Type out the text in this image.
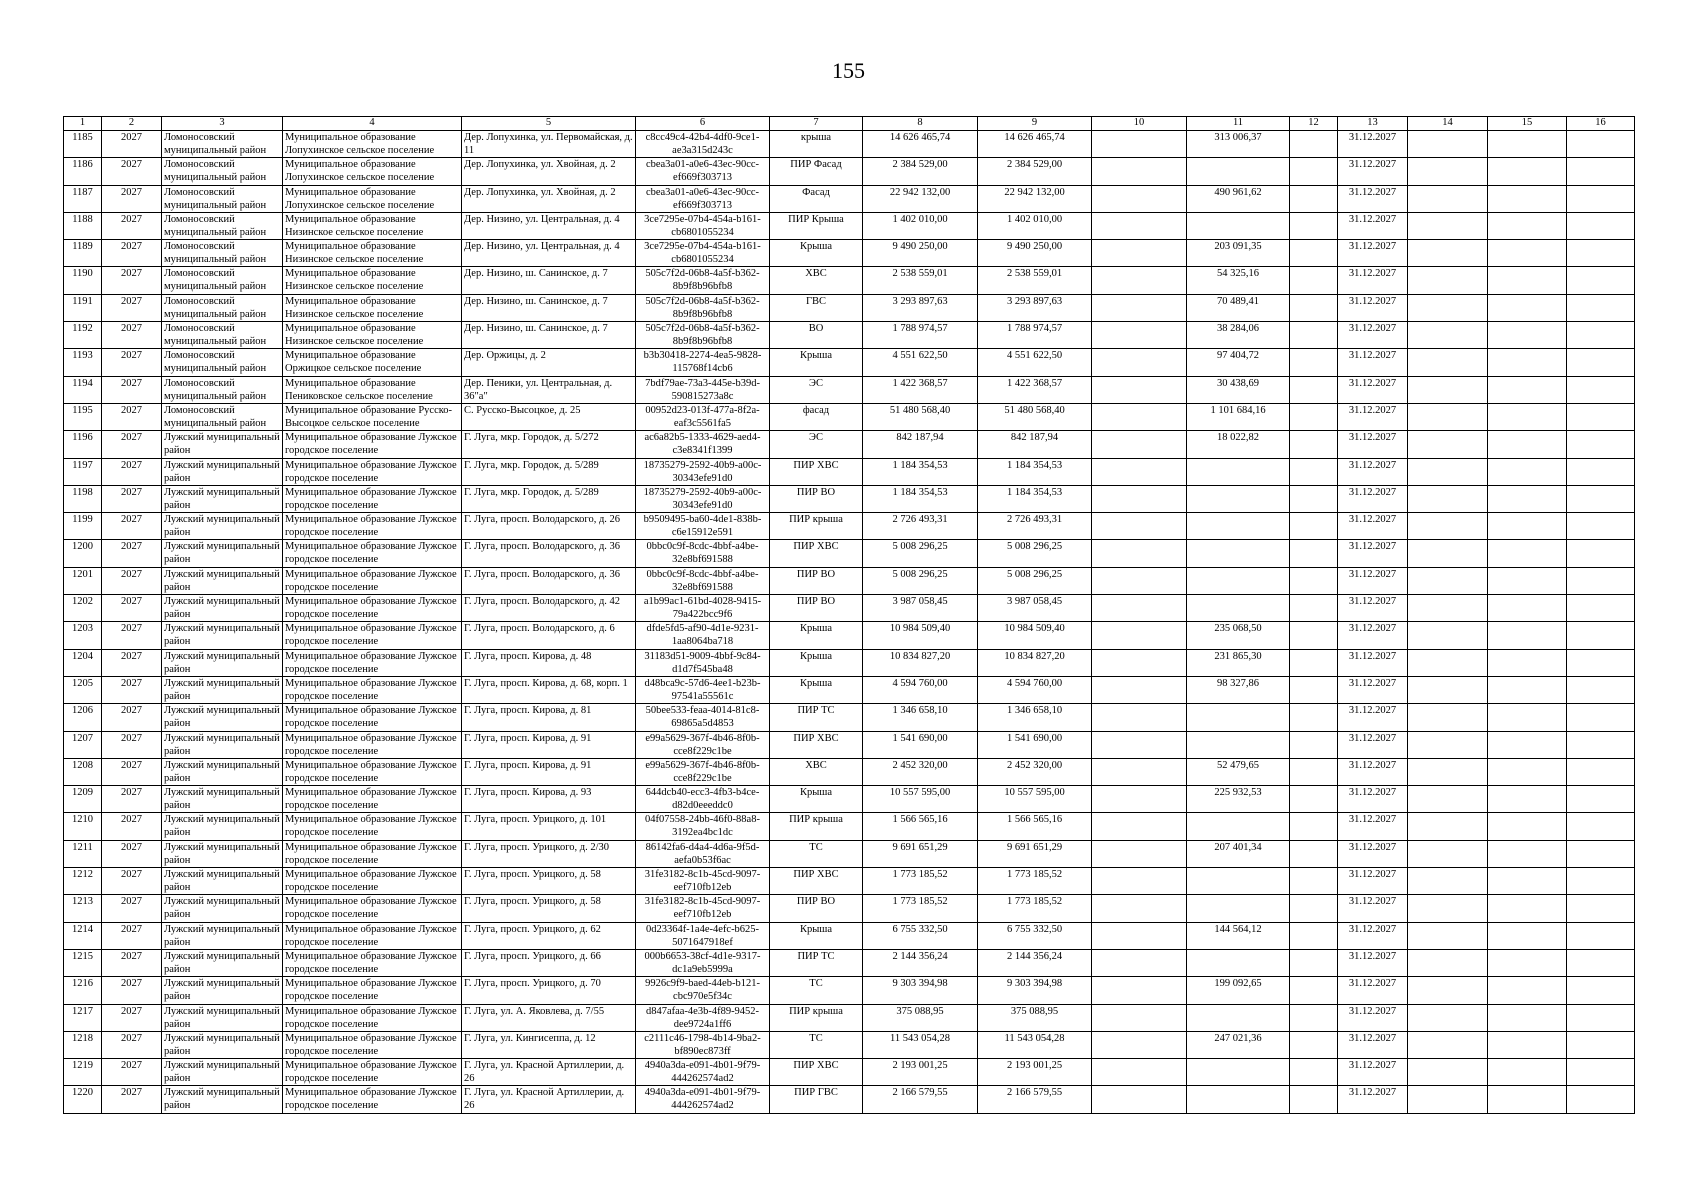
155
1	2	3	4	5	6	7	8	9	10	11	12	13	14	15	16
1185	2027	Ломоносовский муниципальный район	Муниципальное образование Лопухинское сельское поселение	Дер. Лопухинка, ул. Первомайская, д. 11	c8cc49c4-42b4-4df0-9ce1-ae3a315d243c	крыша	14 626 465,74	14 626 465,74		313 006,37		31.12.2027			
1186	2027	Ломоносовский муниципальный район	Муниципальное образование Лопухинское сельское поселение	Дер. Лопухинка, ул. Хвойная, д. 2	cbea3a01-a0e6-43ec-90cc-ef669f303713	ПИР Фасад	2 384 529,00	2 384 529,00				31.12.2027			
1187	2027	Ломоносовский муниципальный район	Муниципальное образование Лопухинское сельское поселение	Дер. Лопухинка, ул. Хвойная, д. 2	cbea3a01-a0e6-43ec-90cc-ef669f303713	Фасад	22 942 132,00	22 942 132,00		490 961,62		31.12.2027			
1188	2027	Ломоносовский муниципальный район	Муниципальное образование Низинское сельское поселение	Дер. Низино, ул. Центральная, д. 4	3ce7295e-07b4-454a-b161-cb6801055234	ПИР Крыша	1 402 010,00	1 402 010,00				31.12.2027			
1189	2027	Ломоносовский муниципальный район	Муниципальное образование Низинское сельское поселение	Дер. Низино, ул. Центральная, д. 4	3ce7295e-07b4-454a-b161-cb6801055234	Крыша	9 490 250,00	9 490 250,00		203 091,35		31.12.2027			
1190	2027	Ломоносовский муниципальный район	Муниципальное образование Низинское сельское поселение	Дер. Низино, ш. Санинское, д. 7	505c7f2d-06b8-4a5f-b362-8b9f8b96bfb8	ХВС	2 538 559,01	2 538 559,01		54 325,16		31.12.2027			
1191	2027	Ломоносовский муниципальный район	Муниципальное образование Низинское сельское поселение	Дер. Низино, ш. Санинское, д. 7	505c7f2d-06b8-4a5f-b362-8b9f8b96bfb8	ГВС	3 293 897,63	3 293 897,63		70 489,41		31.12.2027			
1192	2027	Ломоносовский муниципальный район	Муниципальное образование Низинское сельское поселение	Дер. Низино, ш. Санинское, д. 7	505c7f2d-06b8-4a5f-b362-8b9f8b96bfb8	ВО	1 788 974,57	1 788 974,57		38 284,06		31.12.2027			
1193	2027	Ломоносовский муниципальный район	Муниципальное образование Оржицкое сельское поселение	Дер. Оржицы, д. 2	b3b30418-2274-4ea5-9828-115768f14cb6	Крыша	4 551 622,50	4 551 622,50		97 404,72		31.12.2027			
1194	2027	Ломоносовский муниципальный район	Муниципальное образование Пениковское сельское поселение	Дер. Пеники, ул. Центральная, д. 36"а"	7bdf79ae-73a3-445e-b39d-590815273a8c	ЭС	1 422 368,57	1 422 368,57		30 438,69		31.12.2027			
1195	2027	Ломоносовский муниципальный район	Муниципальное образование Русско-Высоцкое сельское поселение	С. Русско-Высоцкое, д. 25	00952d23-013f-477a-8f2a-eaf3c5561fa5	фасад	51 480 568,40	51 480 568,40		1 101 684,16		31.12.2027			
1196	2027	Лужский муниципальный район	Муниципальное образование Лужское городское поселение	Г. Луга, мкр. Городок, д. 5/272	ac6a82b5-1333-4629-aed4-c3e8341f1399	ЭС	842 187,94	842 187,94		18 022,82		31.12.2027			
1197	2027	Лужский муниципальный район	Муниципальное образование Лужское городское поселение	Г. Луга, мкр. Городок, д. 5/289	18735279-2592-40b9-a00c-30343efe91d0	ПИР ХВС	1 184 354,53	1 184 354,53				31.12.2027			
1198	2027	Лужский муниципальный район	Муниципальное образование Лужское городское поселение	Г. Луга, мкр. Городок, д. 5/289	18735279-2592-40b9-a00c-30343efe91d0	ПИР ВО	1 184 354,53	1 184 354,53				31.12.2027			
1199	2027	Лужский муниципальный район	Муниципальное образование Лужское городское поселение	Г. Луга, просп. Володарского, д. 26	b9509495-ba60-4de1-838b-c6e15912e591	ПИР крыша	2 726 493,31	2 726 493,31				31.12.2027			
1200	2027	Лужский муниципальный район	Муниципальное образование Лужское городское поселение	Г. Луга, просп. Володарского, д. 36	0bbc0c9f-8cdc-4bbf-a4be-32e8bf691588	ПИР ХВС	5 008 296,25	5 008 296,25				31.12.2027			
1201	2027	Лужский муниципальный район	Муниципальное образование Лужское городское поселение	Г. Луга, просп. Володарского, д. 36	0bbc0c9f-8cdc-4bbf-a4be-32e8bf691588	ПИР ВО	5 008 296,25	5 008 296,25				31.12.2027			
1202	2027	Лужский муниципальный район	Муниципальное образование Лужское городское поселение	Г. Луга, просп. Володарского, д. 42	a1b99ac1-61bd-4028-9415-79a422bcc9f6	ПИР ВО	3 987 058,45	3 987 058,45				31.12.2027			
1203	2027	Лужский муниципальный район	Муниципальное образование Лужское городское поселение	Г. Луга, просп. Володарского, д. 6	dfde5fd5-af90-4d1e-9231-1aa8064ba718	Крыша	10 984 509,40	10 984 509,40		235 068,50		31.12.2027			
1204	2027	Лужский муниципальный район	Муниципальное образование Лужское городское поселение	Г. Луга, просп. Кирова, д. 48	31183d51-9009-4bbf-9c84-d1d7f545ba48	Крыша	10 834 827,20	10 834 827,20		231 865,30		31.12.2027			
1205	2027	Лужский муниципальный район	Муниципальное образование Лужское городское поселение	Г. Луга, просп. Кирова, д. 68, корп. 1	d48bca9c-57d6-4ee1-b23b-97541a55561c	Крыша	4 594 760,00	4 594 760,00		98 327,86		31.12.2027			
1206	2027	Лужский муниципальный район	Муниципальное образование Лужское городское поселение	Г. Луга, просп. Кирова, д. 81	50bee533-feaa-4014-81c8-69865a5d4853	ПИР ТС	1 346 658,10	1 346 658,10				31.12.2027			
1207	2027	Лужский муниципальный район	Муниципальное образование Лужское городское поселение	Г. Луга, просп. Кирова, д. 91	e99a5629-367f-4b46-8f0b-cce8f229c1be	ПИР ХВС	1 541 690,00	1 541 690,00				31.12.2027			
1208	2027	Лужский муниципальный район	Муниципальное образование Лужское городское поселение	Г. Луга, просп. Кирова, д. 91	e99a5629-367f-4b46-8f0b-cce8f229c1be	ХВС	2 452 320,00	2 452 320,00		52 479,65		31.12.2027			
1209	2027	Лужский муниципальный район	Муниципальное образование Лужское городское поселение	Г. Луга, просп. Кирова, д. 93	644dcb40-ecc3-4fb3-b4ce-d82d0eeeddc0	Крыша	10 557 595,00	10 557 595,00		225 932,53		31.12.2027			
1210	2027	Лужский муниципальный район	Муниципальное образование Лужское городское поселение	Г. Луга, просп. Урицкого, д. 101	04f07558-24bb-46f0-88a8-3192ea4bc1dc	ПИР крыша	1 566 565,16	1 566 565,16				31.12.2027			
1211	2027	Лужский муниципальный район	Муниципальное образование Лужское городское поселение	Г. Луга, просп. Урицкого, д. 2/30	86142fa6-d4a4-4d6a-9f5d-aefa0b53f6ac	ТС	9 691 651,29	9 691 651,29		207 401,34		31.12.2027			
1212	2027	Лужский муниципальный район	Муниципальное образование Лужское городское поселение	Г. Луга, просп. Урицкого, д. 58	31fe3182-8c1b-45cd-9097-eef710fb12eb	ПИР ХВС	1 773 185,52	1 773 185,52				31.12.2027			
1213	2027	Лужский муниципальный район	Муниципальное образование Лужское городское поселение	Г. Луга, просп. Урицкого, д. 58	31fe3182-8c1b-45cd-9097-eef710fb12eb	ПИР ВО	1 773 185,52	1 773 185,52				31.12.2027			
1214	2027	Лужский муниципальный район	Муниципальное образование Лужское городское поселение	Г. Луга, просп. Урицкого, д. 62	0d23364f-1a4e-4efc-b625-5071647918ef	Крыша	6 755 332,50	6 755 332,50		144 564,12		31.12.2027			
1215	2027	Лужский муниципальный район	Муниципальное образование Лужское городское поселение	Г. Луга, просп. Урицкого, д. 66	000b6653-38cf-4d1e-9317-dc1a9eb5999a	ПИР ТС	2 144 356,24	2 144 356,24				31.12.2027			
1216	2027	Лужский муниципальный район	Муниципальное образование Лужское городское поселение	Г. Луга, просп. Урицкого, д. 70	9926c9f9-baed-44eb-b121-cbc970e5f34c	ТС	9 303 394,98	9 303 394,98		199 092,65		31.12.2027			
1217	2027	Лужский муниципальный район	Муниципальное образование Лужское городское поселение	Г. Луга, ул. А. Яковлева, д. 7/55	d847afaa-4e3b-4f89-9452-dee9724a1ff6	ПИР крыша	375 088,95	375 088,95				31.12.2027			
1218	2027	Лужский муниципальный район	Муниципальное образование Лужское городское поселение	Г. Луга, ул. Кингисеппа, д. 12	c2111c46-1798-4b14-9ba2-bf890ec873ff	ТС	11 543 054,28	11 543 054,28		247 021,36		31.12.2027			
1219	2027	Лужский муниципальный район	Муниципальное образование Лужское городское поселение	Г. Луга, ул. Красной Артиллерии, д. 26	4940a3da-e091-4b01-9f79-444262574ad2	ПИР ХВС	2 193 001,25	2 193 001,25				31.12.2027			
1220	2027	Лужский муниципальный район	Муниципальное образование Лужское городское поселение	Г. Луга, ул. Красной Артиллерии, д. 26	4940a3da-e091-4b01-9f79-444262574ad2	ПИР ГВС	2 166 579,55	2 166 579,55				31.12.2027			
